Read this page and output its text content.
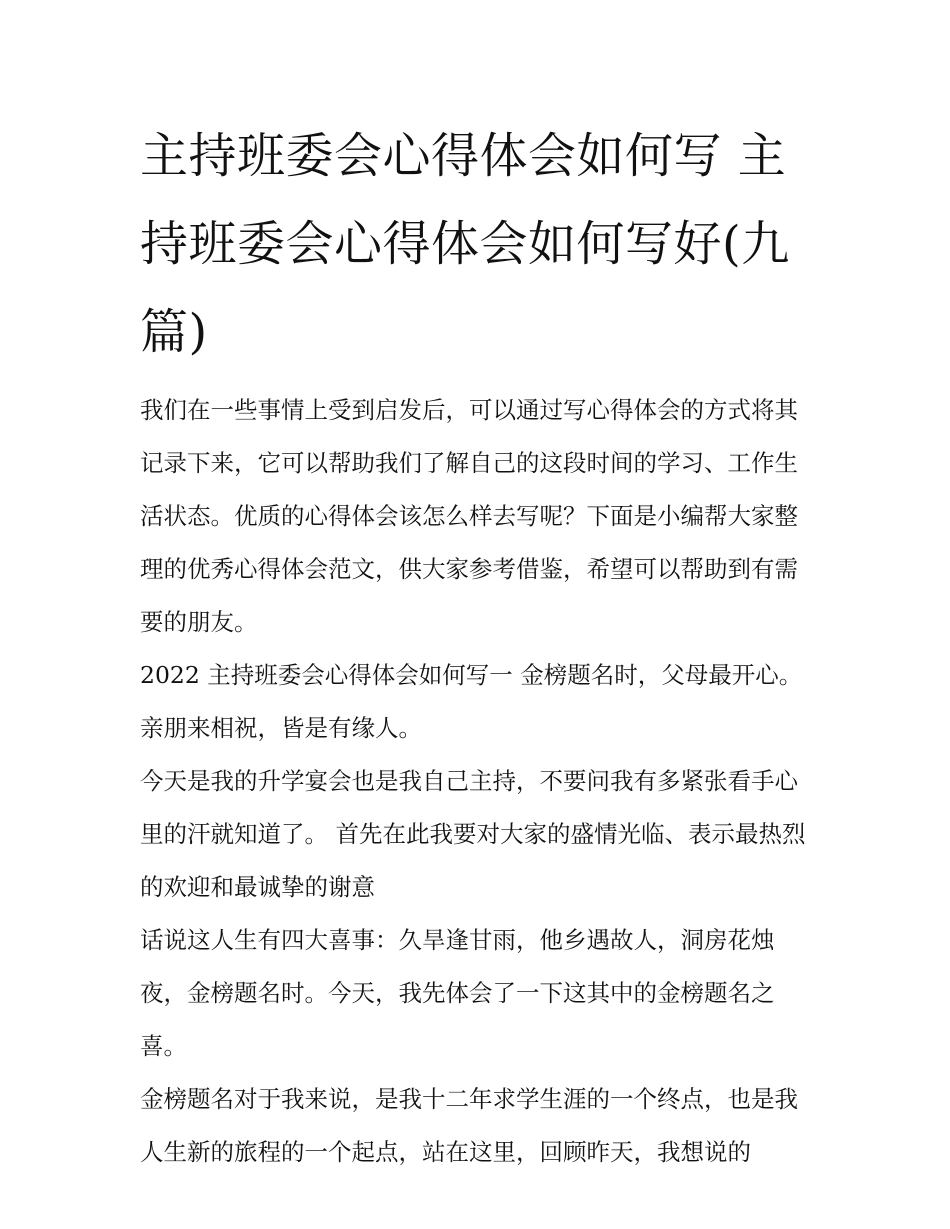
主持班委会心得体会如何写 主持班委会心得体会如何写好(九篇)

我们在一些事情上受到启发后，可以通过写心得体会的方式将其记录下来，它可以帮助我们了解自己的这段时间的学习、工作生活状态。优质的心得体会该怎么样去写呢？下面是小编帮大家整理的优秀心得体会范文，供大家参考借鉴，希望可以帮助到有需要的朋友。

2022 主持班委会心得体会如何写一 金榜题名时，父母最开心。 亲朋来相祝，皆是有缘人。

今天是我的升学宴会也是我自己主持，不要问我有多紧张看手心里的汗就知道了。 首先在此我要对大家的盛情光临、表示最热烈的欢迎和最诚挚的谢意

话说这人生有四大喜事：久旱逢甘雨，他乡遇故人，洞房花烛夜，金榜题名时。今天，我先体会了一下这其中的金榜题名之喜。

金榜题名对于我来说，是我十二年求学生涯的一个终点，也是我人生新的旅程的一个起点，站在这里，回顾昨天，我想说的
